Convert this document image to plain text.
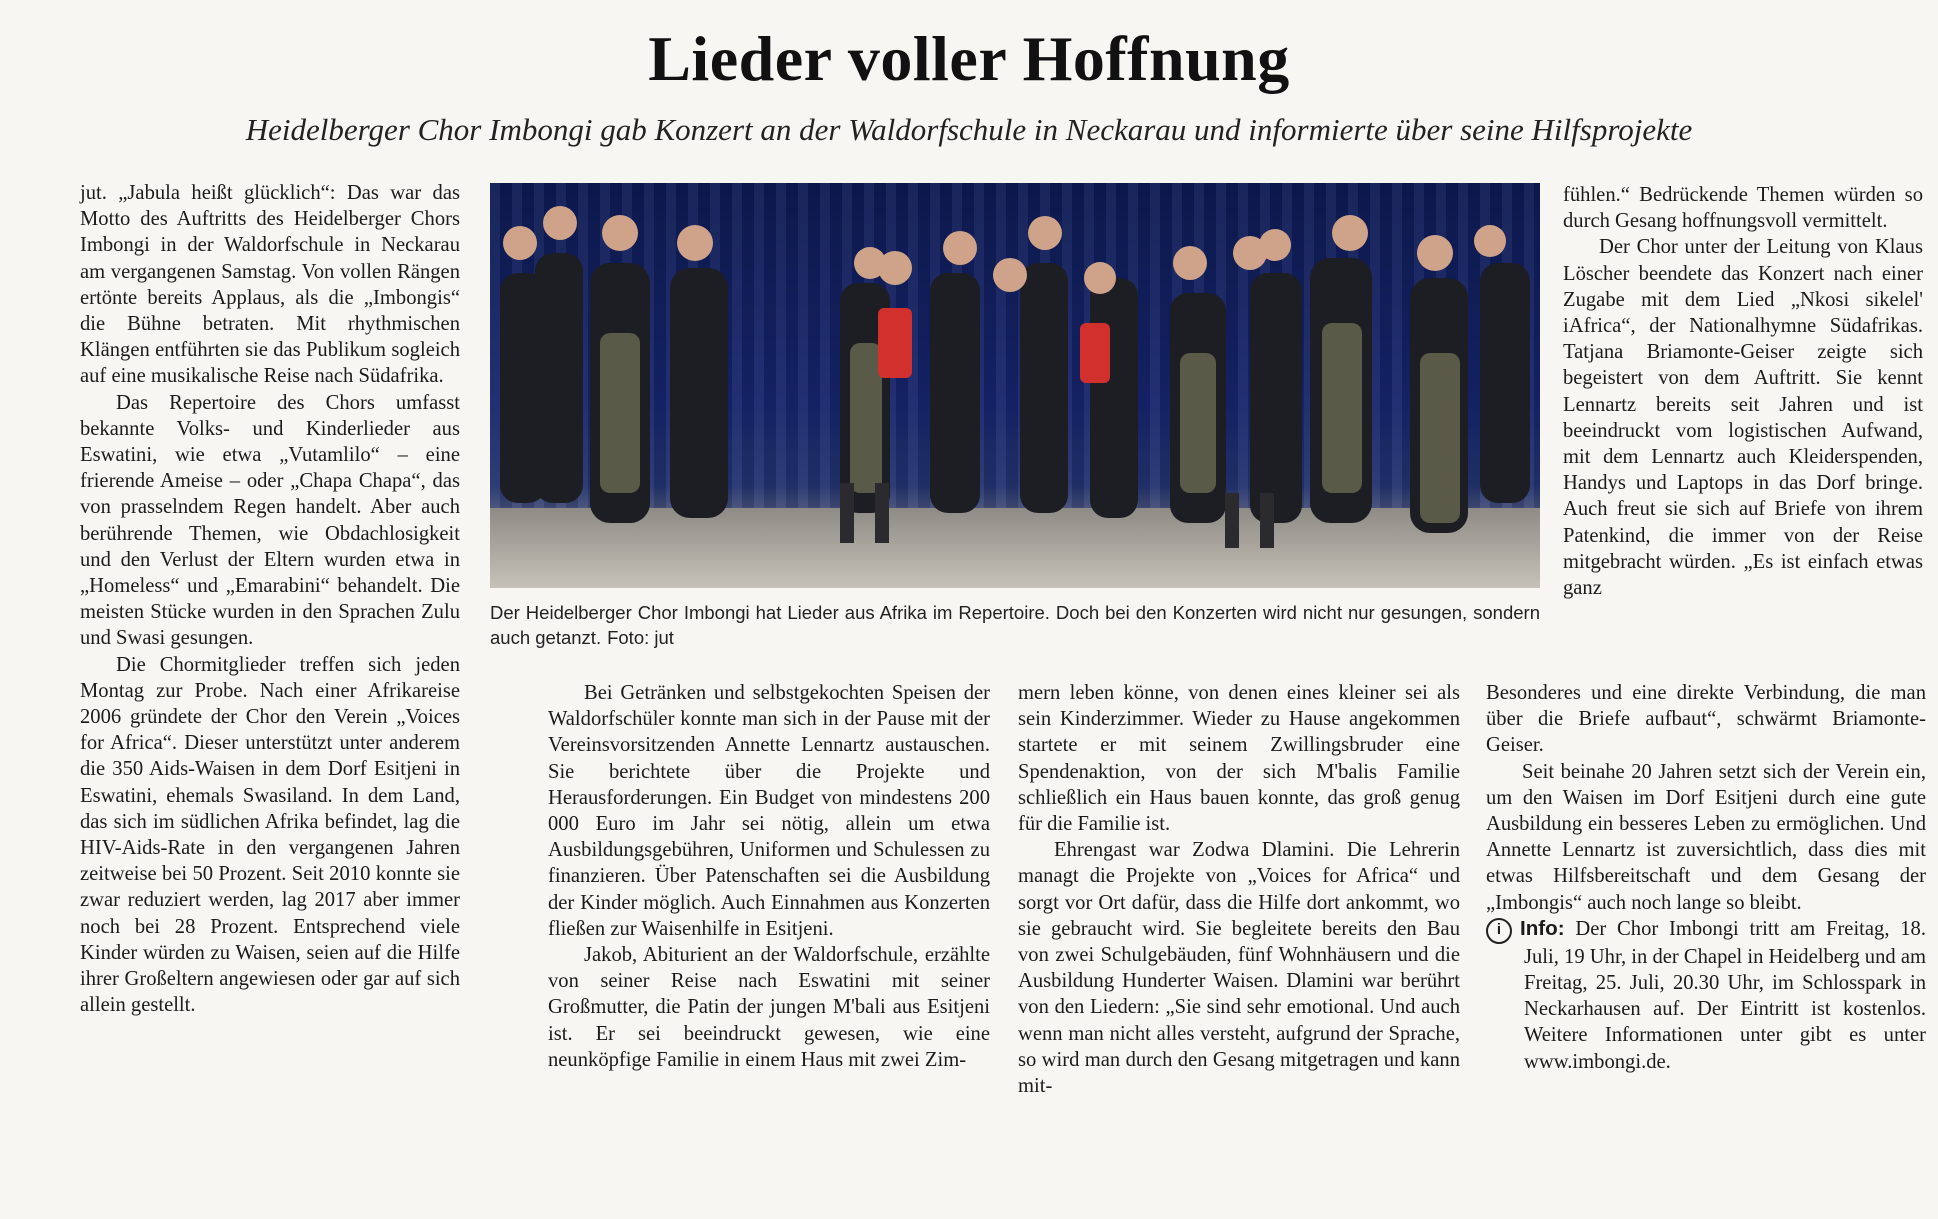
Lieder voller Hoffnung
Heidelberger Chor Imbongi gab Konzert an der Waldorfschule in Neckarau und informierte über seine Hilfsprojekte

jut. „Jabula heißt glücklich“: Das war das Motto des Auftritts des Heidelberger Chors Imbongi in der Waldorfschule in Neckarau am vergangenen Samstag. Von vollen Rängen ertönte bereits Applaus, als die „Imbongis“ die Bühne betraten. Mit rhythmischen Klängen entführten sie das Publikum sogleich auf eine musikalische Reise nach Südafrika.

Das Repertoire des Chors umfasst bekannte Volks- und Kinderlieder aus Eswatini, wie etwa „Vutamlilo“ – eine frierende Ameise – oder „Chapa Chapa“, das von prasselndem Regen handelt. Aber auch berührende Themen, wie Obdachlosigkeit und den Verlust der Eltern wurden etwa in „Homeless“ und „Emarabini“ behandelt. Die meisten Stücke wurden in den Sprachen Zulu und Swasi gesungen.

Die Chormitglieder treffen sich jeden Montag zur Probe. Nach einer Afrikareise 2006 gründete der Chor den Verein „Voices for Africa“. Dieser unterstützt unter anderem die 350 Aids-Waisen in dem Dorf Esitjeni in Eswatini, ehemals Swasiland. In dem Land, das sich im südlichen Afrika befindet, lag die HIV-Aids-Rate in den vergangenen Jahren zeitweise bei 50 Prozent. Seit 2010 konnte sie zwar reduziert werden, lag 2017 aber immer noch bei 28 Prozent. Entsprechend viele Kinder würden zu Waisen, seien auf die Hilfe ihrer Großeltern angewiesen oder gar auf sich allein gestellt.

Der Heidelberger Chor Imbongi hat Lieder aus Afrika im Repertoire. Doch bei den Konzerten wird nicht nur gesungen, sondern auch getanzt. Foto: jut

Bei Getränken und selbstgekochten Speisen der Waldorfschüler konnte man sich in der Pause mit der Vereinsvorsitzenden Annette Lennartz austauschen. Sie berichtete über die Projekte und Herausforderungen. Ein Budget von mindestens 200 000 Euro im Jahr sei nötig, allein um etwa Ausbildungsgebühren, Uniformen und Schulessen zu finanzieren. Über Patenschaften sei die Ausbildung der Kinder möglich. Auch Einnahmen aus Konzerten fließen zur Waisenhilfe in Esitjeni.

Jakob, Abiturient an der Waldorfschule, erzählte von seiner Reise nach Eswatini mit seiner Großmutter, die Patin der jungen M'bali aus Esitjeni ist. Er sei beeindruckt gewesen, wie eine neunköpfige Familie in einem Haus mit zwei Zim-

mern leben könne, von denen eines kleiner sei als sein Kinderzimmer. Wieder zu Hause angekommen startete er mit seinem Zwillingsbruder eine Spendenaktion, von der sich M'balis Familie schließlich ein Haus bauen konnte, das groß genug für die Familie ist.

Ehrengast war Zodwa Dlamini. Die Lehrerin managt die Projekte von „Voices for Africa“ und sorgt vor Ort dafür, dass die Hilfe dort ankommt, wo sie gebraucht wird. Sie begleitete bereits den Bau von zwei Schulgebäuden, fünf Wohnhäusern und die Ausbildung Hunderter Waisen. Dlamini war berührt von den Liedern: „Sie sind sehr emotional. Und auch wenn man nicht alles versteht, aufgrund der Sprache, so wird man durch den Gesang mitgetragen und kann mit-

fühlen.“ Bedrückende Themen würden so durch Gesang hoffnungsvoll vermittelt.

Der Chor unter der Leitung von Klaus Löscher beendete das Konzert nach einer Zugabe mit dem Lied „Nkosi sikelel' iAfrica“, der Nationalhymne Südafrikas. Tatjana Briamonte-Geiser zeigte sich begeistert von dem Auftritt. Sie kennt Lennartz bereits seit Jahren und ist beeindruckt vom logistischen Aufwand, mit dem Lennartz auch Kleiderspenden, Handys und Laptops in das Dorf bringe. Auch freut sie sich auf Briefe von ihrem Patenkind, die immer von der Reise mitgebracht würden. „Es ist einfach etwas ganz

Besonderes und eine direkte Verbindung, die man über die Briefe aufbaut“, schwärmt Briamonte-Geiser.

Seit beinahe 20 Jahren setzt sich der Verein ein, um den Waisen im Dorf Esitjeni durch eine gute Ausbildung ein besseres Leben zu ermöglichen. Und Annette Lennartz ist zuversichtlich, dass dies mit etwas Hilfsbereitschaft und dem Gesang der „Imbongis“ auch noch lange so bleibt.

i Info: Der Chor Imbongi tritt am Freitag, 18. Juli, 19 Uhr, in der Chapel in Heidelberg und am Freitag, 25. Juli, 20.30 Uhr, im Schlosspark in Neckarhausen auf. Der Eintritt ist kostenlos. Weitere Informationen unter gibt es unter www.imbongi.de.
